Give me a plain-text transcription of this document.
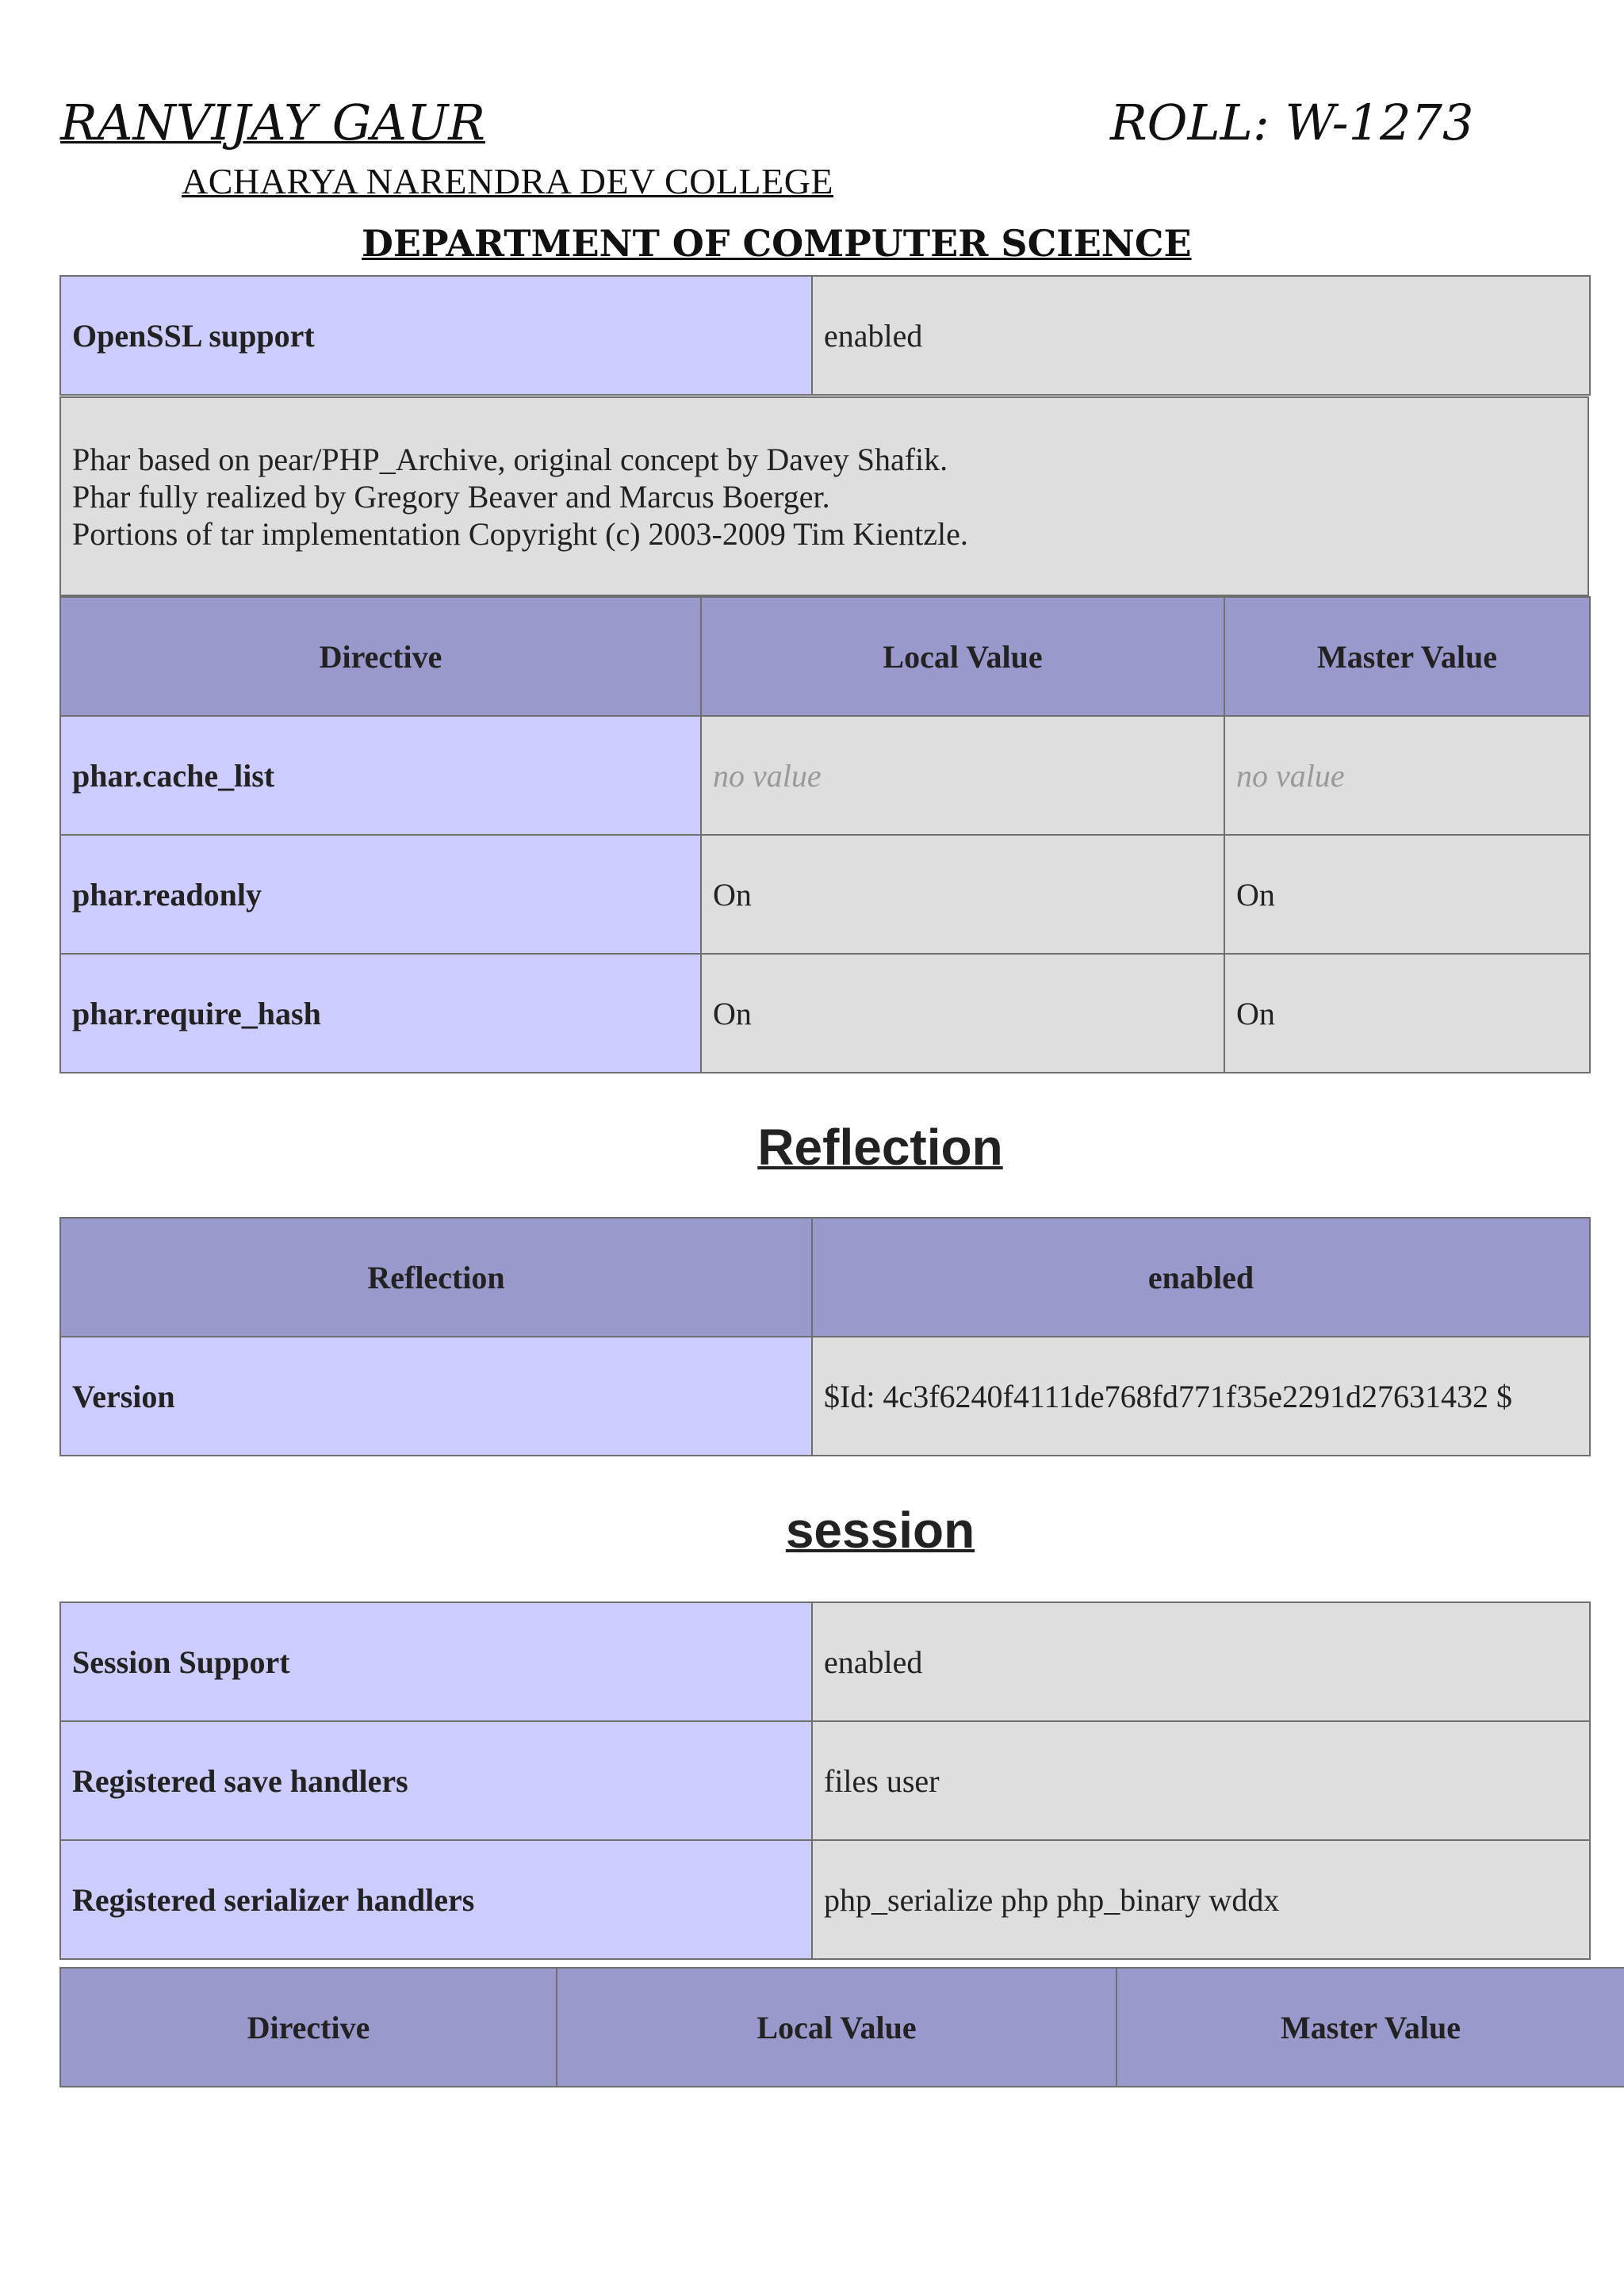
RANVIJAY GAUR	ROLL: W-1273
ACHARYA NARENDRA DEV COLLEGE
DEPARTMENT OF COMPUTER SCIENCE
OpenSSL support	enabled
Phar based on pear/PHP_Archive, original concept by Davey Shafik.
Phar fully realized by Gregory Beaver and Marcus Boerger.
Portions of tar implementation Copyright (c) 2003-2009 Tim Kientzle.
Directive	Local Value	Master Value
phar.cache_list	no value	no value
phar.readonly	On	On
phar.require_hash	On	On
Reflection
Reflection	enabled
Version	$Id: 4c3f6240f4111de768fd771f35e2291d27631432 $
session
Session Support	enabled
Registered save handlers	files user
Registered serializer handlers	php_serialize php php_binary wddx
Directive	Local Value	Master Value
